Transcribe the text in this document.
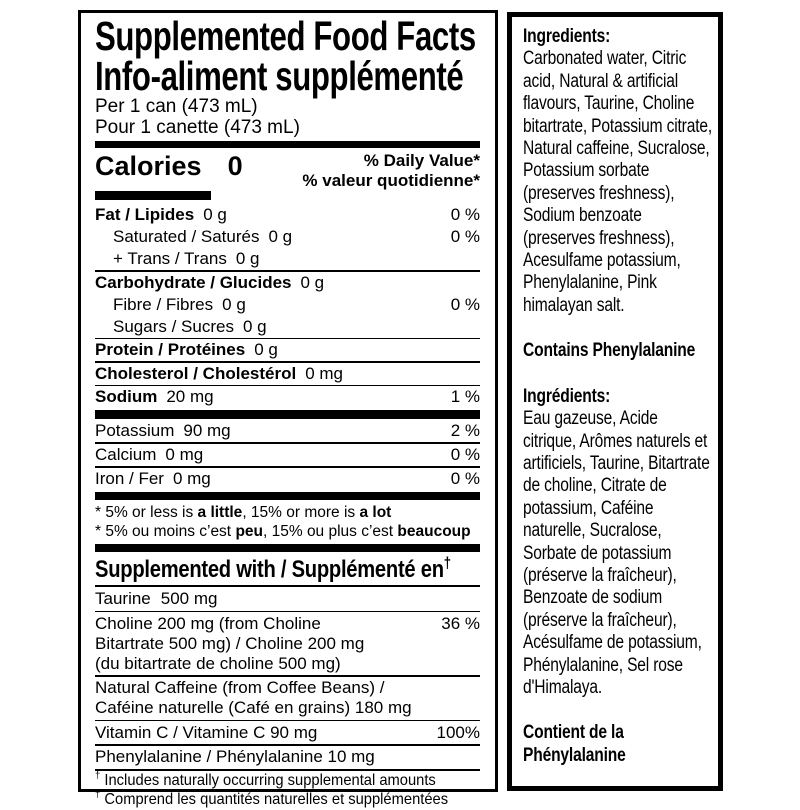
Supplemented Food Facts
Info-aliment supplémenté
Per 1 can (473 mL)
Pour 1 canette (473 mL)
Calories 0	% Daily Value*
% valeur quotidienne*
Fat / Lipides 0 g	0 %
Saturated / Saturés 0 g	0 %
+ Trans / Trans 0 g
Carbohydrate / Glucides 0 g
Fibre / Fibres 0 g	0 %
Sugars / Sucres 0 g
Protein / Protéines 0 g
Cholesterol / Cholestérol 0 mg
Sodium 20 mg	1 %
Potassium 90 mg	2 %
Calcium 0 mg	0 %
Iron / Fer 0 mg	0 %
* 5% or less is a little, 15% or more is a lot
* 5% ou moins c’est peu, 15% ou plus c’est beaucoup
Supplemented with / Supplémenté en†
Taurine 500 mg
Choline 200 mg (from Choline	36 %
Bitartrate 500 mg) / Choline 200 mg
(du bitartrate de choline 500 mg)
Natural Caffeine (from Coffee Beans) /
Caféine naturelle (Café en grains) 180 mg
Vitamin C / Vitamine C 90 mg	100%
Phenylalanine / Phénylalanine 10 mg
† Includes naturally occurring supplemental amounts
† Comprend les quantités naturelles et supplémentées
Ingredients:
Carbonated water, Citric acid, Natural & artificial flavours, Taurine, Choline bitartrate, Potassium citrate, Natural caffeine, Sucralose, Potassium sorbate (preserves freshness), Sodium benzoate (preserves freshness), Acesulfame potassium, Phenylalanine, Pink himalayan salt.
Contains Phenylalanine
Ingrédients:
Eau gazeuse, Acide citrique, Arômes naturels et artificiels, Taurine, Bitartrate de choline, Citrate de potassium, Caféine naturelle, Sucralose, Sorbate de potassium (préserve la fraîcheur), Benzoate de sodium (préserve la fraîcheur), Acésulfame de potassium, Phénylalanine, Sel rose d'Himalaya.
Contient de la Phénylalanine
